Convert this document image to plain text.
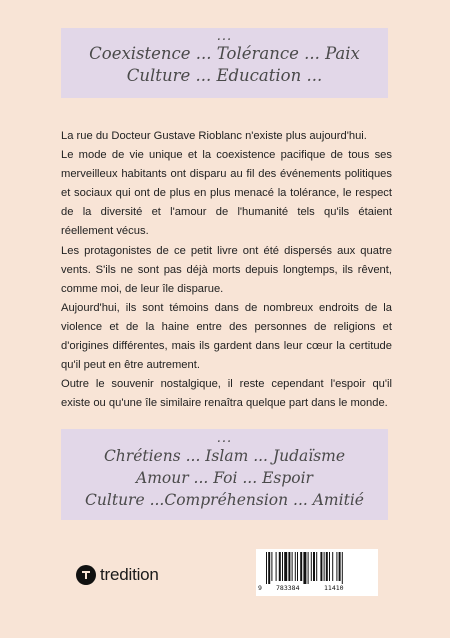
...
Coexistence ... Tolérance ... Paix
Culture ... Education ...

La rue du Docteur Gustave Rioblanc n'existe plus aujourd'hui.

Le mode de vie unique et la coexistence pacifique de tous ses merveilleux habitants ont disparu au fil des événements politiques et sociaux qui ont de plus en plus menacé la tolérance, le respect de la diversité et l'amour de l'humanité tels qu'ils étaient réellement vécus.

Les protagonistes de ce petit livre ont été dispersés aux quatre vents. S'ils ne sont pas déjà morts depuis longtemps, ils rêvent, comme moi, de leur île disparue.

Aujourd'hui, ils sont témoins dans de nombreux endroits de la violence et de la haine entre des personnes de religions et d'origines différentes, mais ils gardent dans leur cœur la certitude qu'il peut en être autrement.

Outre le souvenir nostalgique, il reste cependant l'espoir qu'il existe ou qu'une île similaire renaîtra quelque part dans le monde.

...
Chrétiens ... Islam ... Judaïsme
Amour ... Foi ... Espoir
Culture ...Compréhension ... Amitié
tredition
9 783384	11410
